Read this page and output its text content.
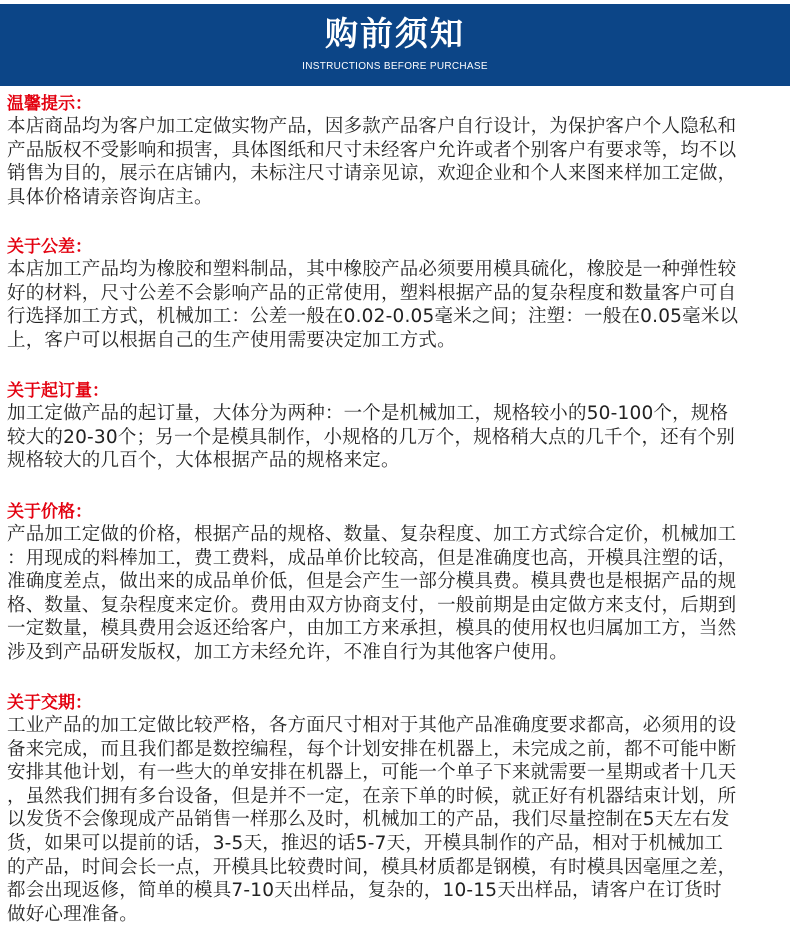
购前须知
INSTRUCTIONS BEFORE PURCHASE
温馨提示：
本店商品均为客户加工定做实物产品，因多款产品客户自行设计，为保护客户个人隐私和
产品版权不受影响和损害，具体图纸和尺寸未经客户允许或者个别客户有要求等，均不以
销售为目的，展示在店铺内，未标注尺寸请亲见谅，欢迎企业和个人来图来样加工定做，
具体价格请亲咨询店主。
关于公差：
本店加工产品均为橡胶和塑料制品，其中橡胶产品必须要用模具硫化，橡胶是一种弹性较
好的材料，尺寸公差不会影响产品的正常使用，塑料根据产品的复杂程度和数量客户可自
行选择加工方式，机械加工：公差一般在0.02-0.05毫米之间；注塑：一般在0.05毫米以
上，客户可以根据自己的生产使用需要决定加工方式。
关于起订量：
加工定做产品的起订量，大体分为两种：一个是机械加工，规格较小的50-100个，规格
较大的20-30个；另一个是模具制作，小规格的几万个，规格稍大点的几千个，还有个别
规格较大的几百个，大体根据产品的规格来定。
关于价格：
产品加工定做的价格，根据产品的规格、数量、复杂程度、加工方式综合定价，机械加工
：用现成的料棒加工，费工费料，成品单价比较高，但是准确度也高，开模具注塑的话，
准确度差点，做出来的成品单价低，但是会产生一部分模具费。模具费也是根据产品的规
格、数量、复杂程度来定价。费用由双方协商支付，一般前期是由定做方来支付，后期到
一定数量，模具费用会返还给客户，由加工方来承担，模具的使用权也归属加工方，当然
涉及到产品研发版权，加工方未经允许，不准自行为其他客户使用。
关于交期：
工业产品的加工定做比较严格，各方面尺寸相对于其他产品准确度要求都高，必须用的设
备来完成，而且我们都是数控编程，每个计划安排在机器上，未完成之前，都不可能中断
安排其他计划，有一些大的单安排在机器上，可能一个单子下来就需要一星期或者十几天
，虽然我们拥有多台设备，但是并不一定，在亲下单的时候，就正好有机器结束计划，所
以发货不会像现成产品销售一样那么及时，机械加工的产品，我们尽量控制在5天左右发
货，如果可以提前的话，3-5天，推迟的话5-7天，开模具制作的产品，相对于机械加工
的产品，时间会长一点，开模具比较费时间，模具材质都是钢模，有时模具因毫厘之差，
都会出现返修，简单的模具7-10天出样品，复杂的，10-15天出样品，请客户在订货时
做好心理准备。
